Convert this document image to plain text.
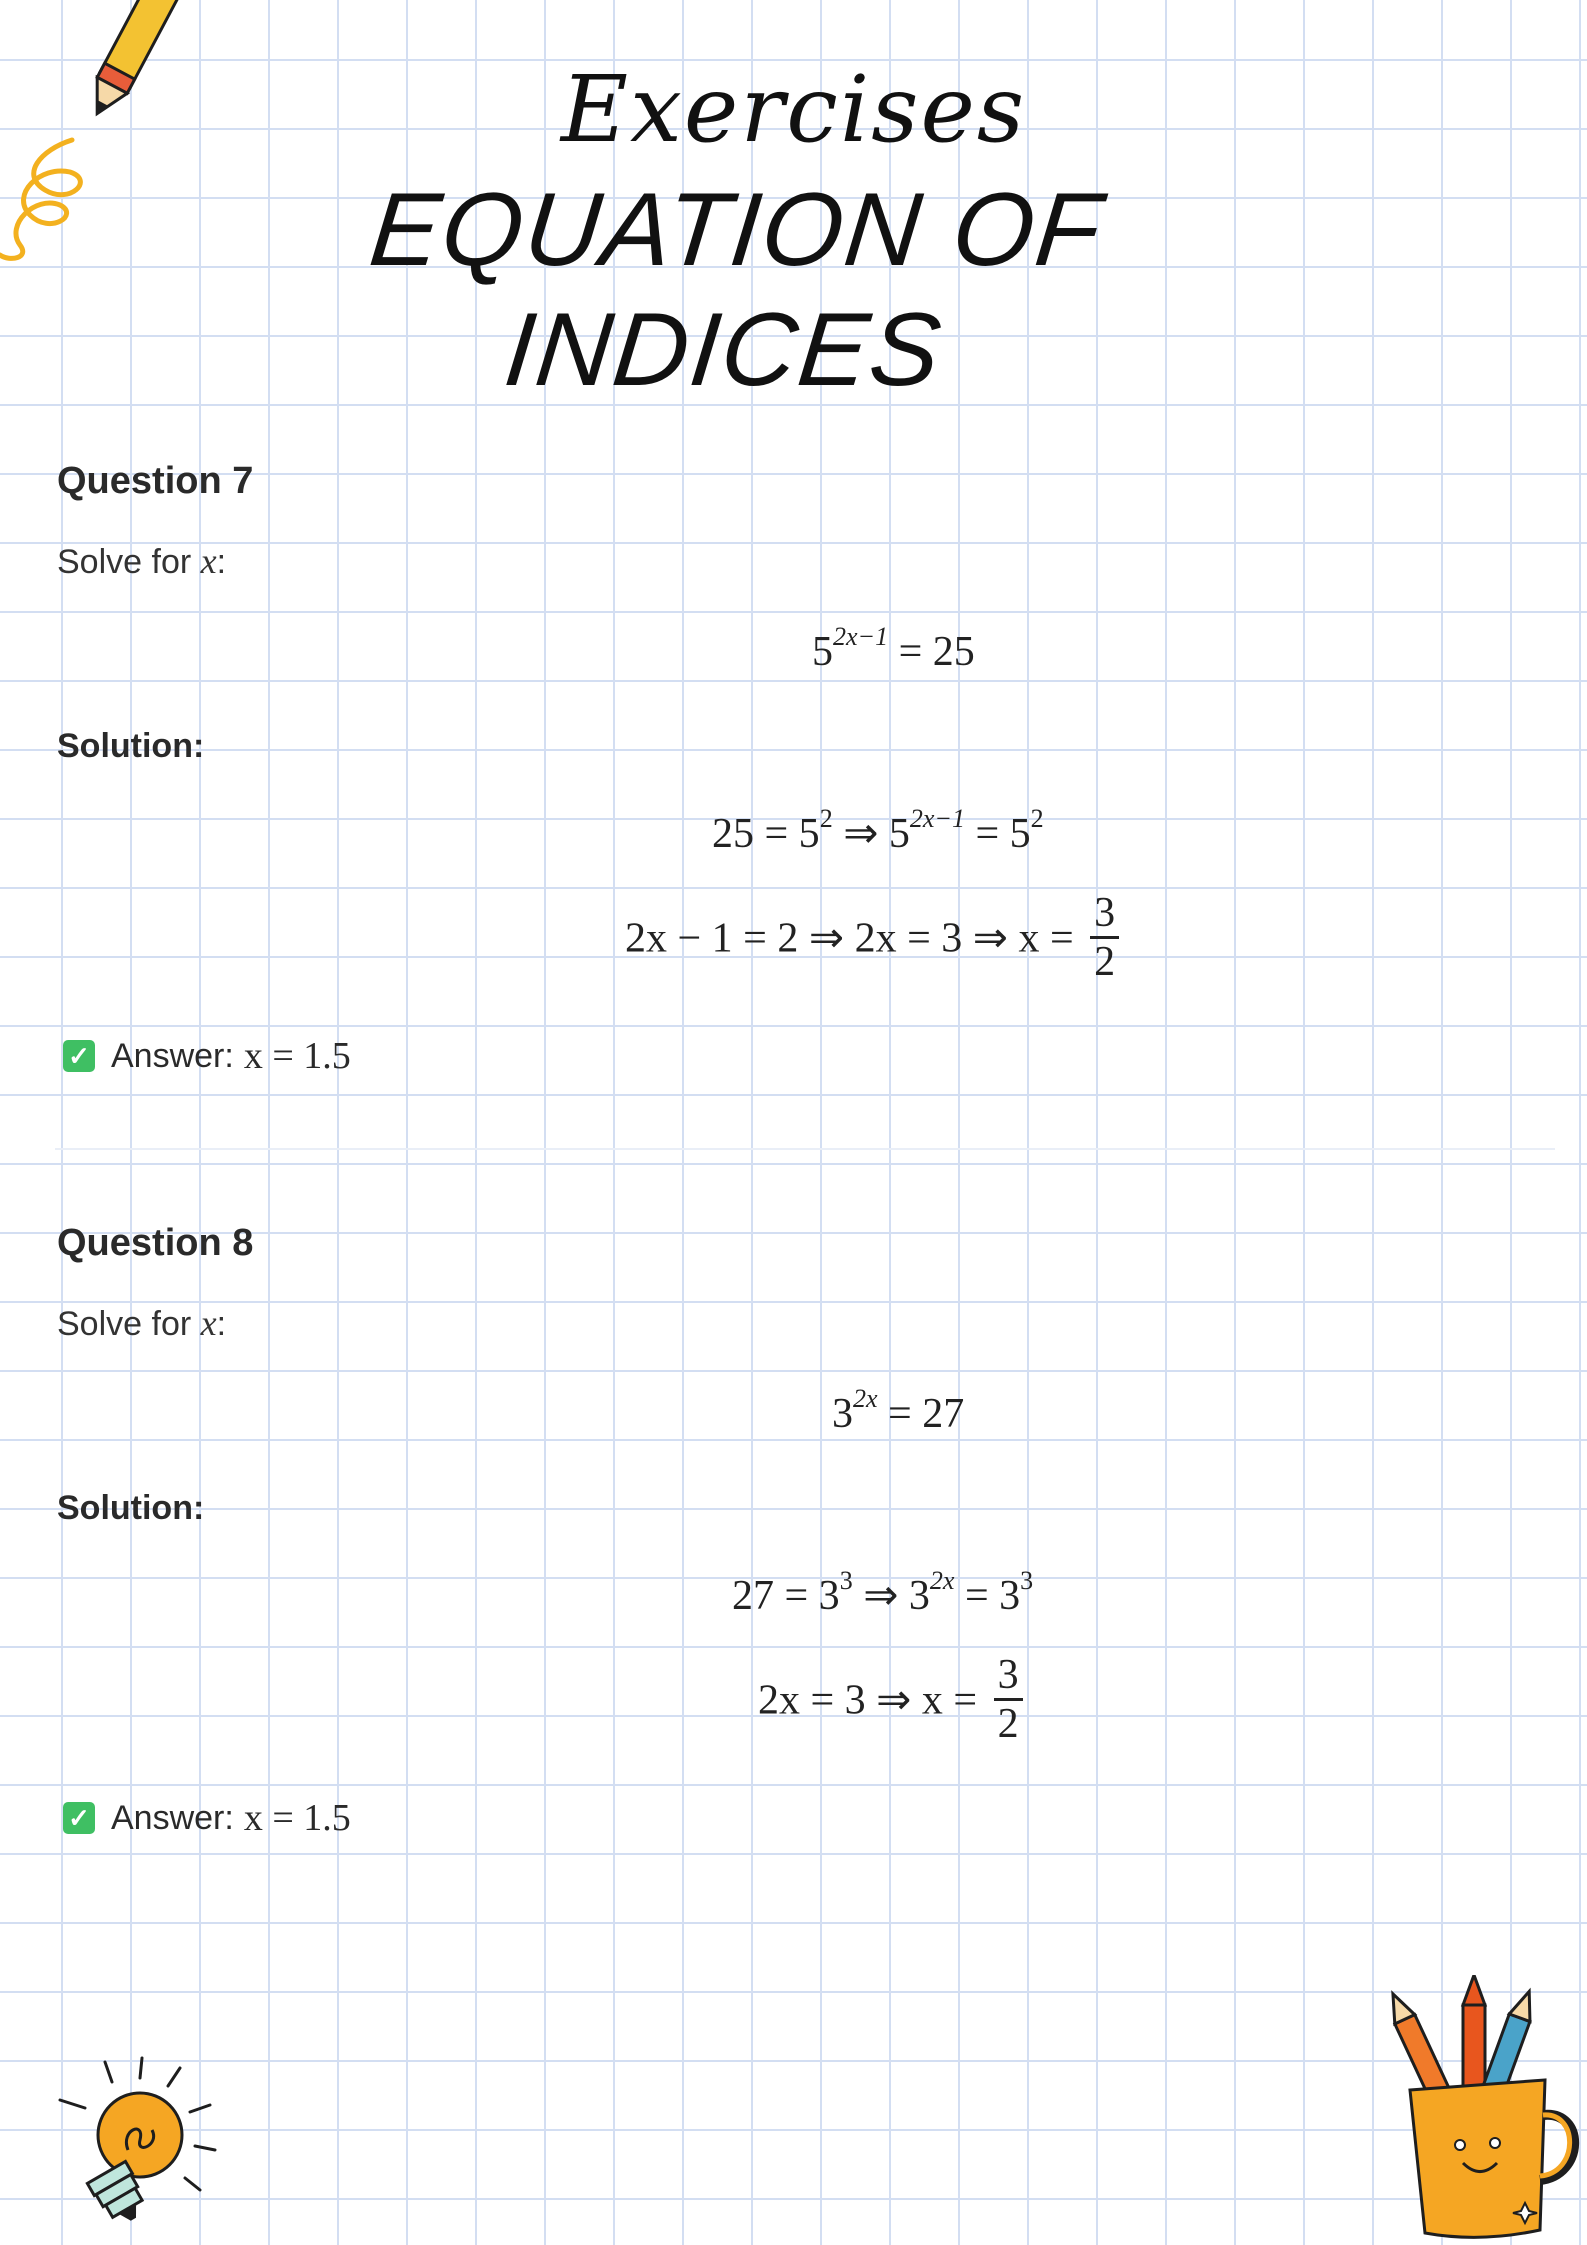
Exercises
EQUATION OF INDICES
Question 7
Solve for x:
$5^{2x-1} = 25$
Solution:
$25 = 5^2$ ⇒ $5^{2x-1} = 5^2$
2x − 1 = 2 ⇒ 2x = 3 ⇒ $x = \frac{3}{2}$
✓ Answer: x = 1.5
Question 8
Solve for x:
$3^{2x} = 27$
Solution:
$27 = 3^3$ ⇒ $3^{2x} = 3^3$
2x = 3 ⇒ $x = \frac{3}{2}$
✓ Answer: x = 1.5
